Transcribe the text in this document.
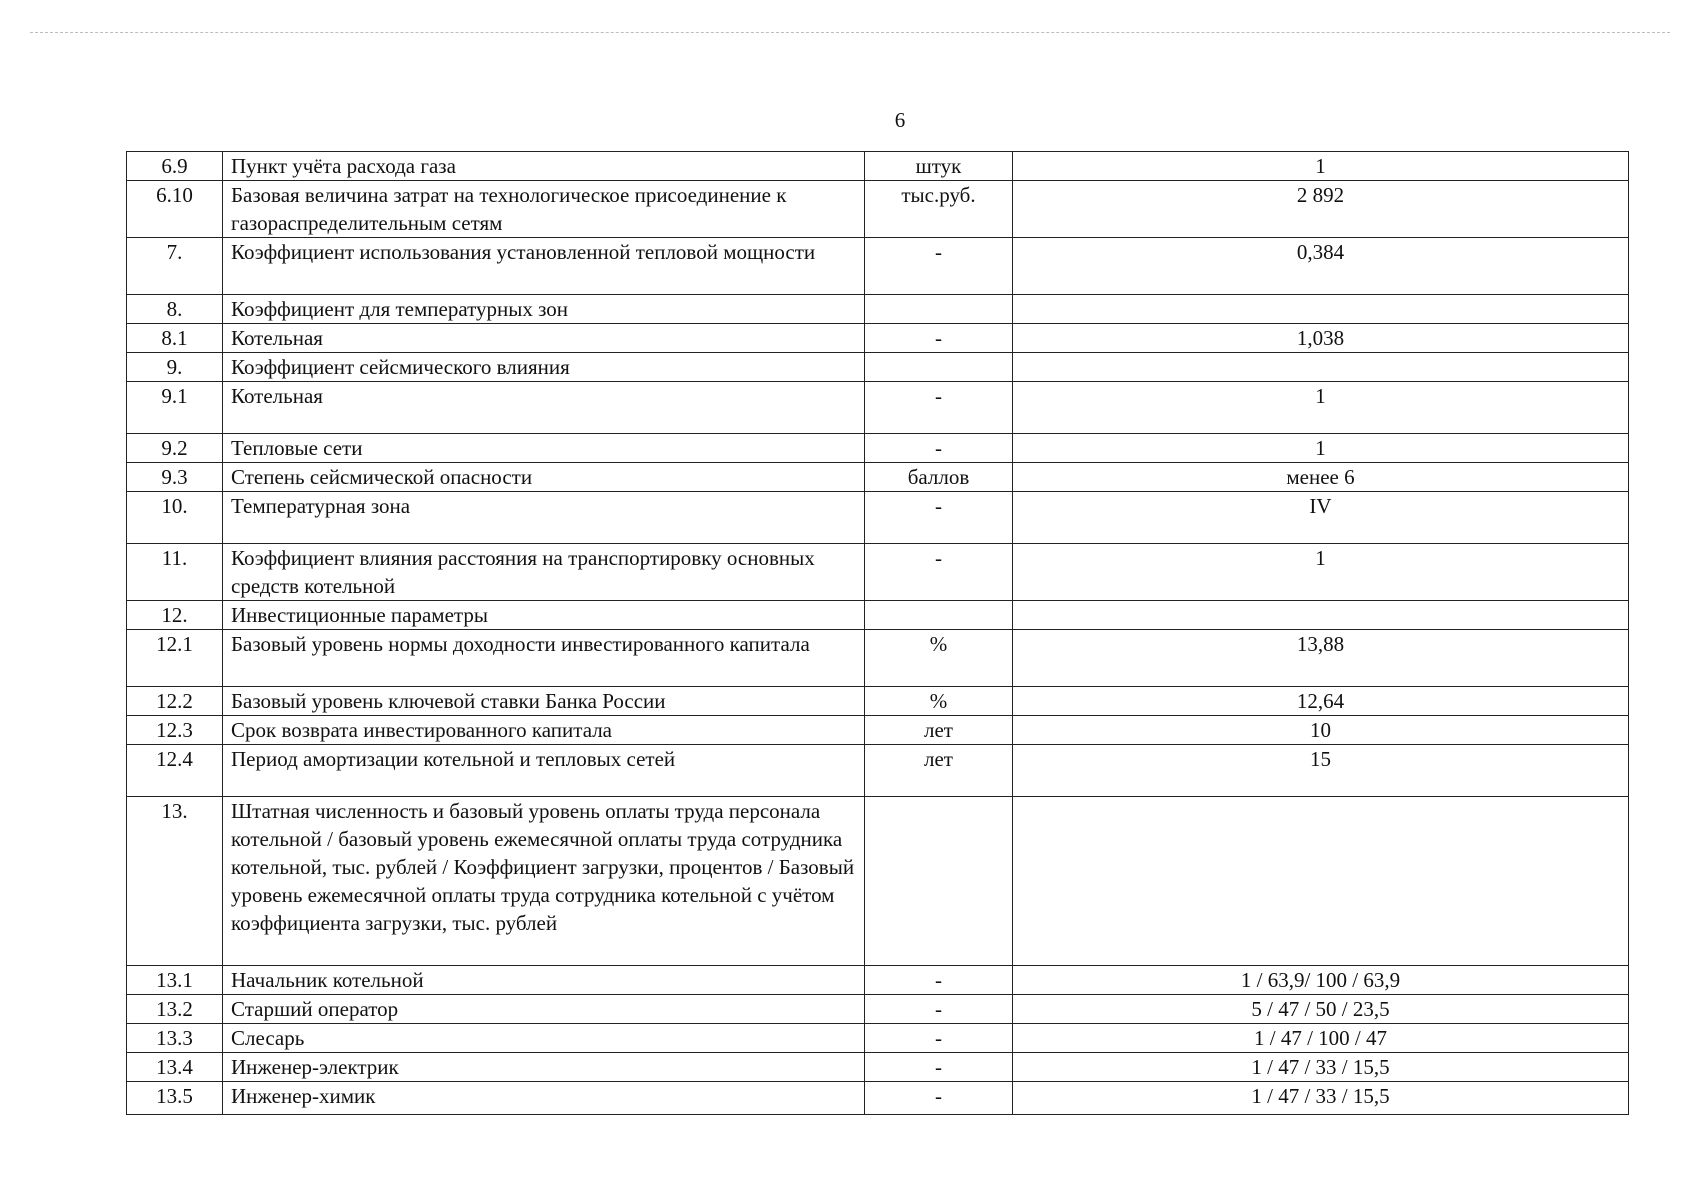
6
6.9	Пункт учёта расхода газа	штук	1
6.10	Базовая величина затрат на технологическое присоединение к газораспределительным сетям	тыс.руб.	2 892
7.	Коэффициент использования установленной тепловой мощности	-	0,384
8.	Коэффициент для температурных зон		
8.1	Котельная	-	1,038
9.	Коэффициент сейсмического влияния		
9.1	Котельная	-	1
9.2	Тепловые сети	-	1
9.3	Степень сейсмической опасности	баллов	менее 6
10.	Температурная зона	-	IV
11.	Коэффициент влияния расстояния на транспортировку основных средств котельной	-	1
12.	Инвестиционные параметры		
12.1	Базовый уровень нормы доходности инвестированного капитала	%	13,88
12.2	Базовый уровень ключевой ставки Банка России	%	12,64
12.3	Срок возврата инвестированного капитала	лет	10
12.4	Период амортизации котельной и тепловых сетей	лет	15
13.	Штатная численность и базовый уровень оплаты труда персонала котельной / базовый уровень ежемесячной оплаты труда сотрудника котельной, тыс. рублей / Коэффициент загрузки, процентов / Базовый уровень ежемесячной оплаты труда сотрудника котельной с учётом коэффициента загрузки, тыс. рублей		
13.1	Начальник котельной	-	1 / 63,9/ 100 / 63,9
13.2	Старший оператор	-	5 / 47 / 50 / 23,5
13.3	Слесарь	-	1 / 47 / 100 / 47
13.4	Инженер-электрик	-	1 / 47 / 33 / 15,5
13.5	Инженер-химик	-	1 / 47 / 33 / 15,5
